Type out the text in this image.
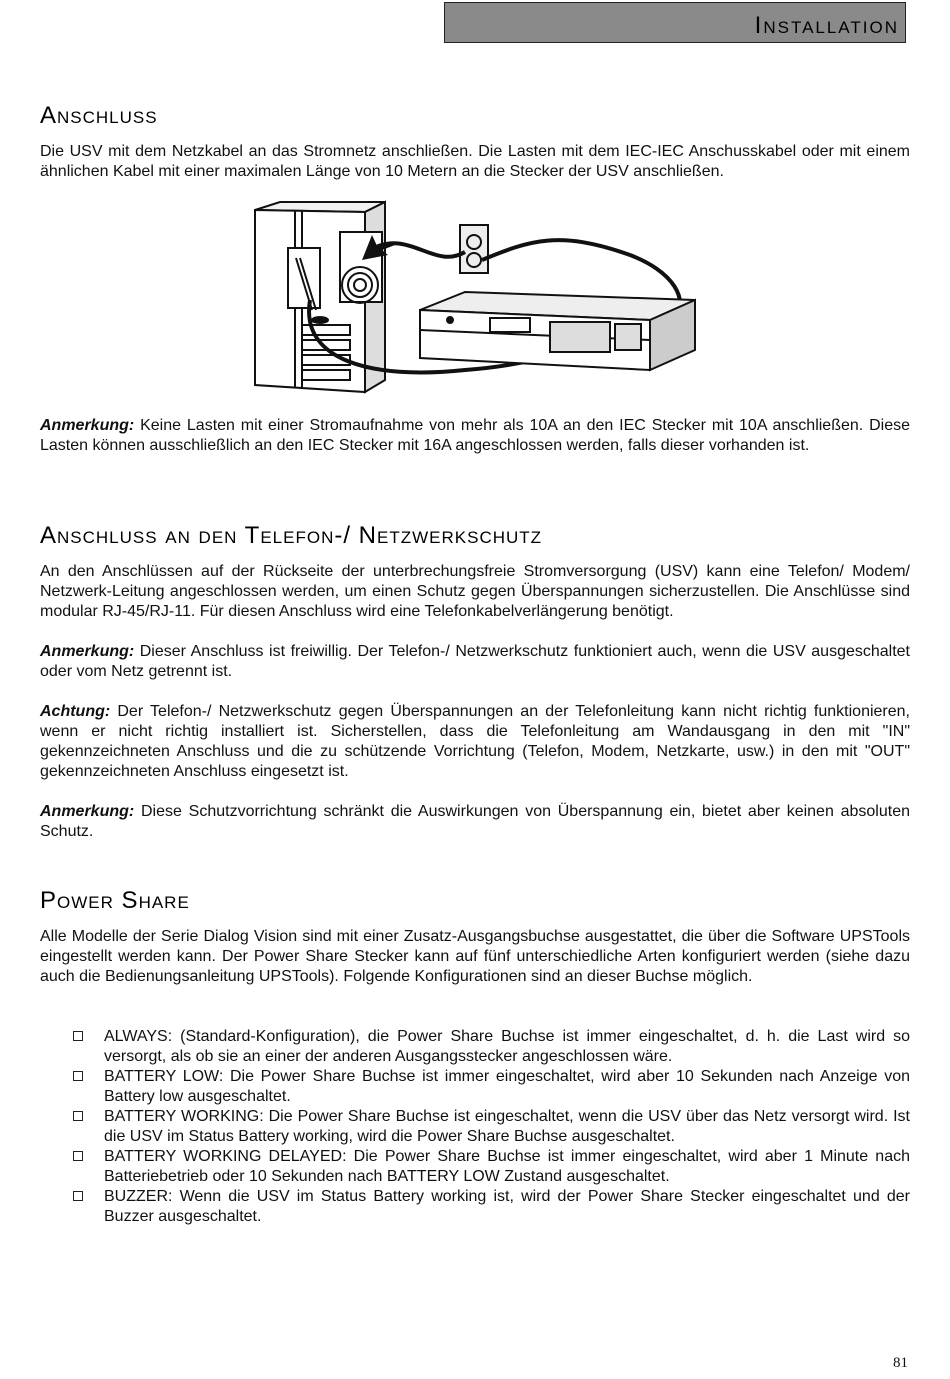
Installation
Anschluss

Die USV mit dem Netzkabel an das Stromnetz anschließen. Die Lasten mit dem IEC-IEC Anschusskabel oder mit einem ähnlichen Kabel mit einer maximalen Länge von 10 Metern an die Stecker der USV anschließen.

Anmerkung: Keine Lasten mit einer Stromaufnahme von mehr als 10A an den IEC Stecker mit 10A anschließen. Diese Lasten können ausschließlich an den IEC Stecker mit 16A angeschlossen werden, falls dieser vorhanden ist.

Anschluss an den Telefon-/ Netzwerkschutz

An den Anschlüssen auf der Rückseite der unterbrechungsfreie Stromversorgung (USV) kann eine Telefon/ Modem/ Netzwerk-Leitung angeschlossen werden, um einen Schutz gegen Überspannungen sicherzustellen. Die Anschlüsse sind modular RJ-45/RJ-11. Für diesen Anschluss wird eine Telefonkabelverlängerung benötigt.

Anmerkung: Dieser Anschluss ist freiwillig. Der Telefon-/ Netzwerkschutz funktioniert auch, wenn die USV ausgeschaltet oder vom Netz getrennt ist.

Achtung: Der Telefon-/ Netzwerkschutz gegen Überspannungen an der Telefonleitung kann nicht richtig funktionieren, wenn er nicht richtig installiert ist. Sicherstellen, dass die Telefonleitung am Wandausgang in den mit "IN" gekennzeichneten Anschluss und die zu schützende Vorrichtung (Telefon, Modem, Netzkarte, usw.) in den mit "OUT" gekennzeichneten Anschluss eingesetzt ist.

Anmerkung: Diese Schutzvorrichtung schränkt die Auswirkungen von Überspannung ein, bietet aber keinen absoluten Schutz.

Power Share

Alle Modelle der Serie Dialog Vision sind mit einer Zusatz-Ausgangsbuchse ausgestattet, die über die Software UPSTools eingestellt werden kann. Der Power Share Stecker kann auf fünf unterschiedliche Arten konfiguriert werden (siehe dazu auch die Bedienungsanleitung UPSTools). Folgende Konfigurationen sind an dieser Buchse möglich.

ALWAYS: (Standard-Konfiguration), die Power Share Buchse ist immer eingeschaltet, d. h. die Last wird so versorgt, als ob sie an einer der anderen Ausgangsstecker angeschlossen wäre.
BATTERY LOW: Die Power Share Buchse ist immer eingeschaltet, wird aber 10 Sekunden nach Anzeige von Battery low ausgeschaltet.
BATTERY WORKING: Die Power Share Buchse ist eingeschaltet, wenn die USV über das Netz versorgt wird. Ist die USV im Status Battery working, wird die Power Share Buchse ausgeschaltet.
BATTERY WORKING DELAYED: Die Power Share Buchse ist immer eingeschaltet, wird aber 1 Minute nach Batteriebetrieb oder 10 Sekunden nach BATTERY LOW Zustand ausgeschaltet.
BUZZER: Wenn die USV im Status Battery working ist, wird der Power Share Stecker eingeschaltet und der Buzzer ausgeschaltet.
81
